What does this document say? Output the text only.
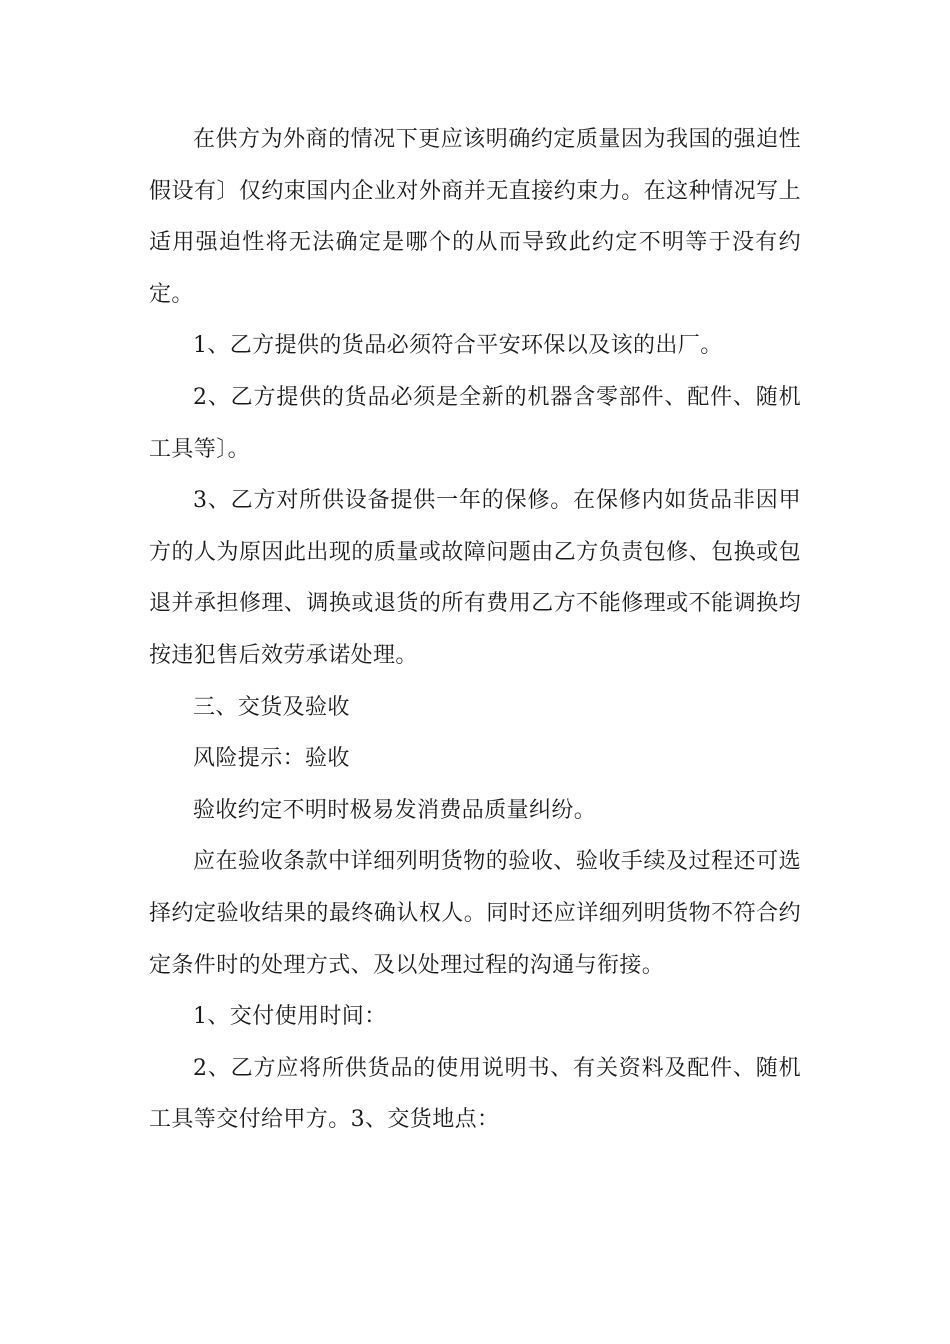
在供方为外商的情况下更应该明确约定质量因为我国的强迫性假设有〕仅约束国内企业对外商并无直接约束力。在这种情况写上适用强迫性将无法确定是哪个的从而导致此约定不明等于没有约定。

1、乙方提供的货品必须符合平安环保以及该的出厂。

2、乙方提供的货品必须是全新的机器含零部件、配件、随机工具等〕。

3、乙方对所供设备提供一年的保修。在保修内如货品非因甲方的人为原因此出现的质量或故障问题由乙方负责包修、包换或包退并承担修理、调换或退货的所有费用乙方不能修理或不能调换均按违犯售后效劳承诺处理。

三、交货及验收

风险提示：验收

验收约定不明时极易发消费品质量纠纷。

应在验收条款中详细列明货物的验收、验收手续及过程还可选择约定验收结果的最终确认权人。同时还应详细列明货物不符合约定条件时的处理方式、及以处理过程的沟通与衔接。

1、交付使用时间：

2、乙方应将所供货品的使用说明书、有关资料及配件、随机工具等交付给甲方。3、交货地点：
